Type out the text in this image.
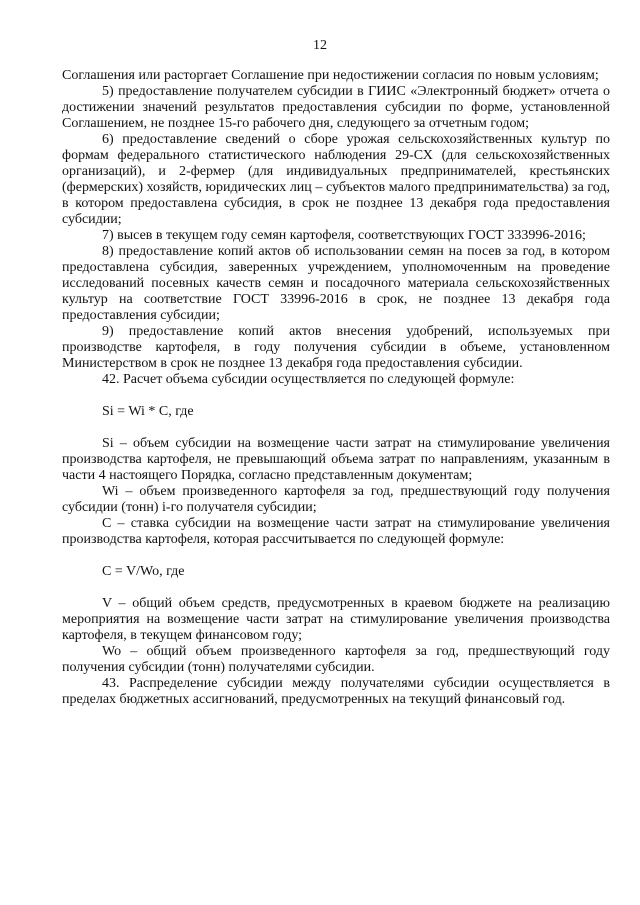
12

Соглашения или расторгает Соглашение при недостижении согласия по новым условиям;

5) предоставление получателем субсидии в ГИИС «Электронный бюджет» отчета о достижении значений результатов предоставления субсидии по форме, установленной Соглашением, не позднее 15-го рабочего дня, следующего за отчетным годом;

6) предоставление сведений о сборе урожая сельскохозяйственных культур по формам федерального статистического наблюдения 29-СХ (для сельскохозяйственных организаций), и 2-фермер (для индивидуальных предпринимателей, крестьянских (фермерских) хозяйств, юридических лиц – субъектов малого предпринимательства) за год, в котором предоставлена субсидия, в срок не позднее 13 декабря года предоставления субсидии;

7) высев в текущем году семян картофеля, соответствующих ГОСТ 333996-2016;

8) предоставление копий актов об использовании семян на посев за год, в котором предоставлена субсидия, заверенных учреждением, уполномоченным на проведение исследований посевных качеств семян и посадочного материала сельскохозяйственных культур на соответствие ГОСТ 33996-2016 в срок, не позднее 13 декабря года предоставления субсидии;

9) предоставление копий актов внесения удобрений, используемых при производстве картофеля, в году получения субсидии в объеме, установленном Министерством в срок не позднее 13 декабря года предоставления субсидии.

42. Расчет объема субсидии осуществляется по следующей формуле:

Si = Wi * C, где

Si – объем субсидии на возмещение части затрат на стимулирование увеличения производства картофеля, не превышающий объема затрат по направлениям, указанным в части 4 настоящего Порядка, согласно представленным документам;

Wi – объем произведенного картофеля за год, предшествующий году получения субсидии (тонн) i-го получателя субсидии;

С – ставка субсидии на возмещение части затрат на стимулирование увеличения производства картофеля, которая рассчитывается по следующей формуле:

C = V/Wo, где

V – общий объем средств, предусмотренных в краевом бюджете на реализацию мероприятия на возмещение части затрат на стимулирование увеличения производства картофеля, в текущем финансовом году;

Wo – общий объем произведенного картофеля за год, предшествующий году получения субсидии (тонн) получателями субсидии.

43. Распределение субсидии между получателями субсидии осуществляется в пределах бюджетных ассигнований, предусмотренных на текущий финансовый год.
